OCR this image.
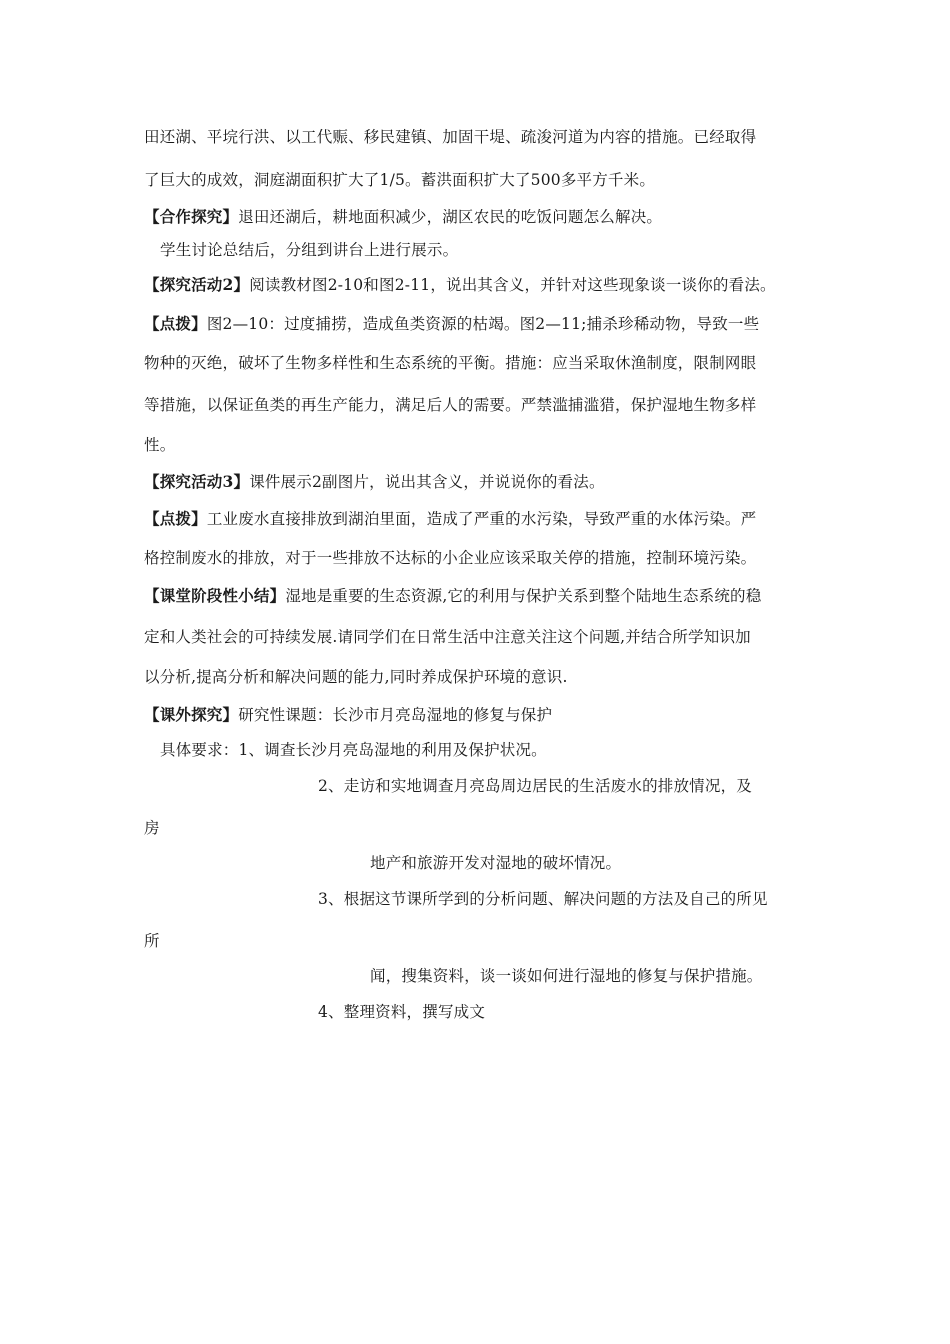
田还湖、平垸行洪、以工代赈、移民建镇、加固干堤、疏浚河道为内容的措施。已经取得
了巨大的成效，洞庭湖面积扩大了1/5。蓄洪面积扩大了500多平方千米。
【合作探究】退田还湖后，耕地面积减少，湖区农民的吃饭问题怎么解决。
学生讨论总结后，分组到讲台上进行展示。
【探究活动2】阅读教材图2-10和图2-11，说出其含义，并针对这些现象谈一谈你的看法。
【点拨】图2—10：过度捕捞，造成鱼类资源的枯竭。图2—11;捕杀珍稀动物，导致一些
物种的灭绝，破坏了生物多样性和生态系统的平衡。措施：应当采取休渔制度，限制网眼
等措施，以保证鱼类的再生产能力，满足后人的需要。严禁滥捕滥猎，保护湿地生物多样
性。
【探究活动3】课件展示2副图片，说出其含义，并说说你的看法。
【点拨】工业废水直接排放到湖泊里面，造成了严重的水污染，导致严重的水体污染。严
格控制废水的排放，对于一些排放不达标的小企业应该采取关停的措施，控制环境污染。
【课堂阶段性小结】湿地是重要的生态资源,它的利用与保护关系到整个陆地生态系统的稳
定和人类社会的可持续发展.请同学们在日常生活中注意关注这个问题,并结合所学知识加
以分析,提高分析和解决问题的能力,同时养成保护环境的意识.
【课外探究】研究性课题：长沙市月亮岛湿地的修复与保护
具体要求：1、调查长沙月亮岛湿地的利用及保护状况。
2、走访和实地调查月亮岛周边居民的生活废水的排放情况，及
房
地产和旅游开发对湿地的破坏情况。
3、根据这节课所学到的分析问题、解决问题的方法及自己的所见
所
闻，搜集资料，谈一谈如何进行湿地的修复与保护措施。
4、整理资料，撰写成文
